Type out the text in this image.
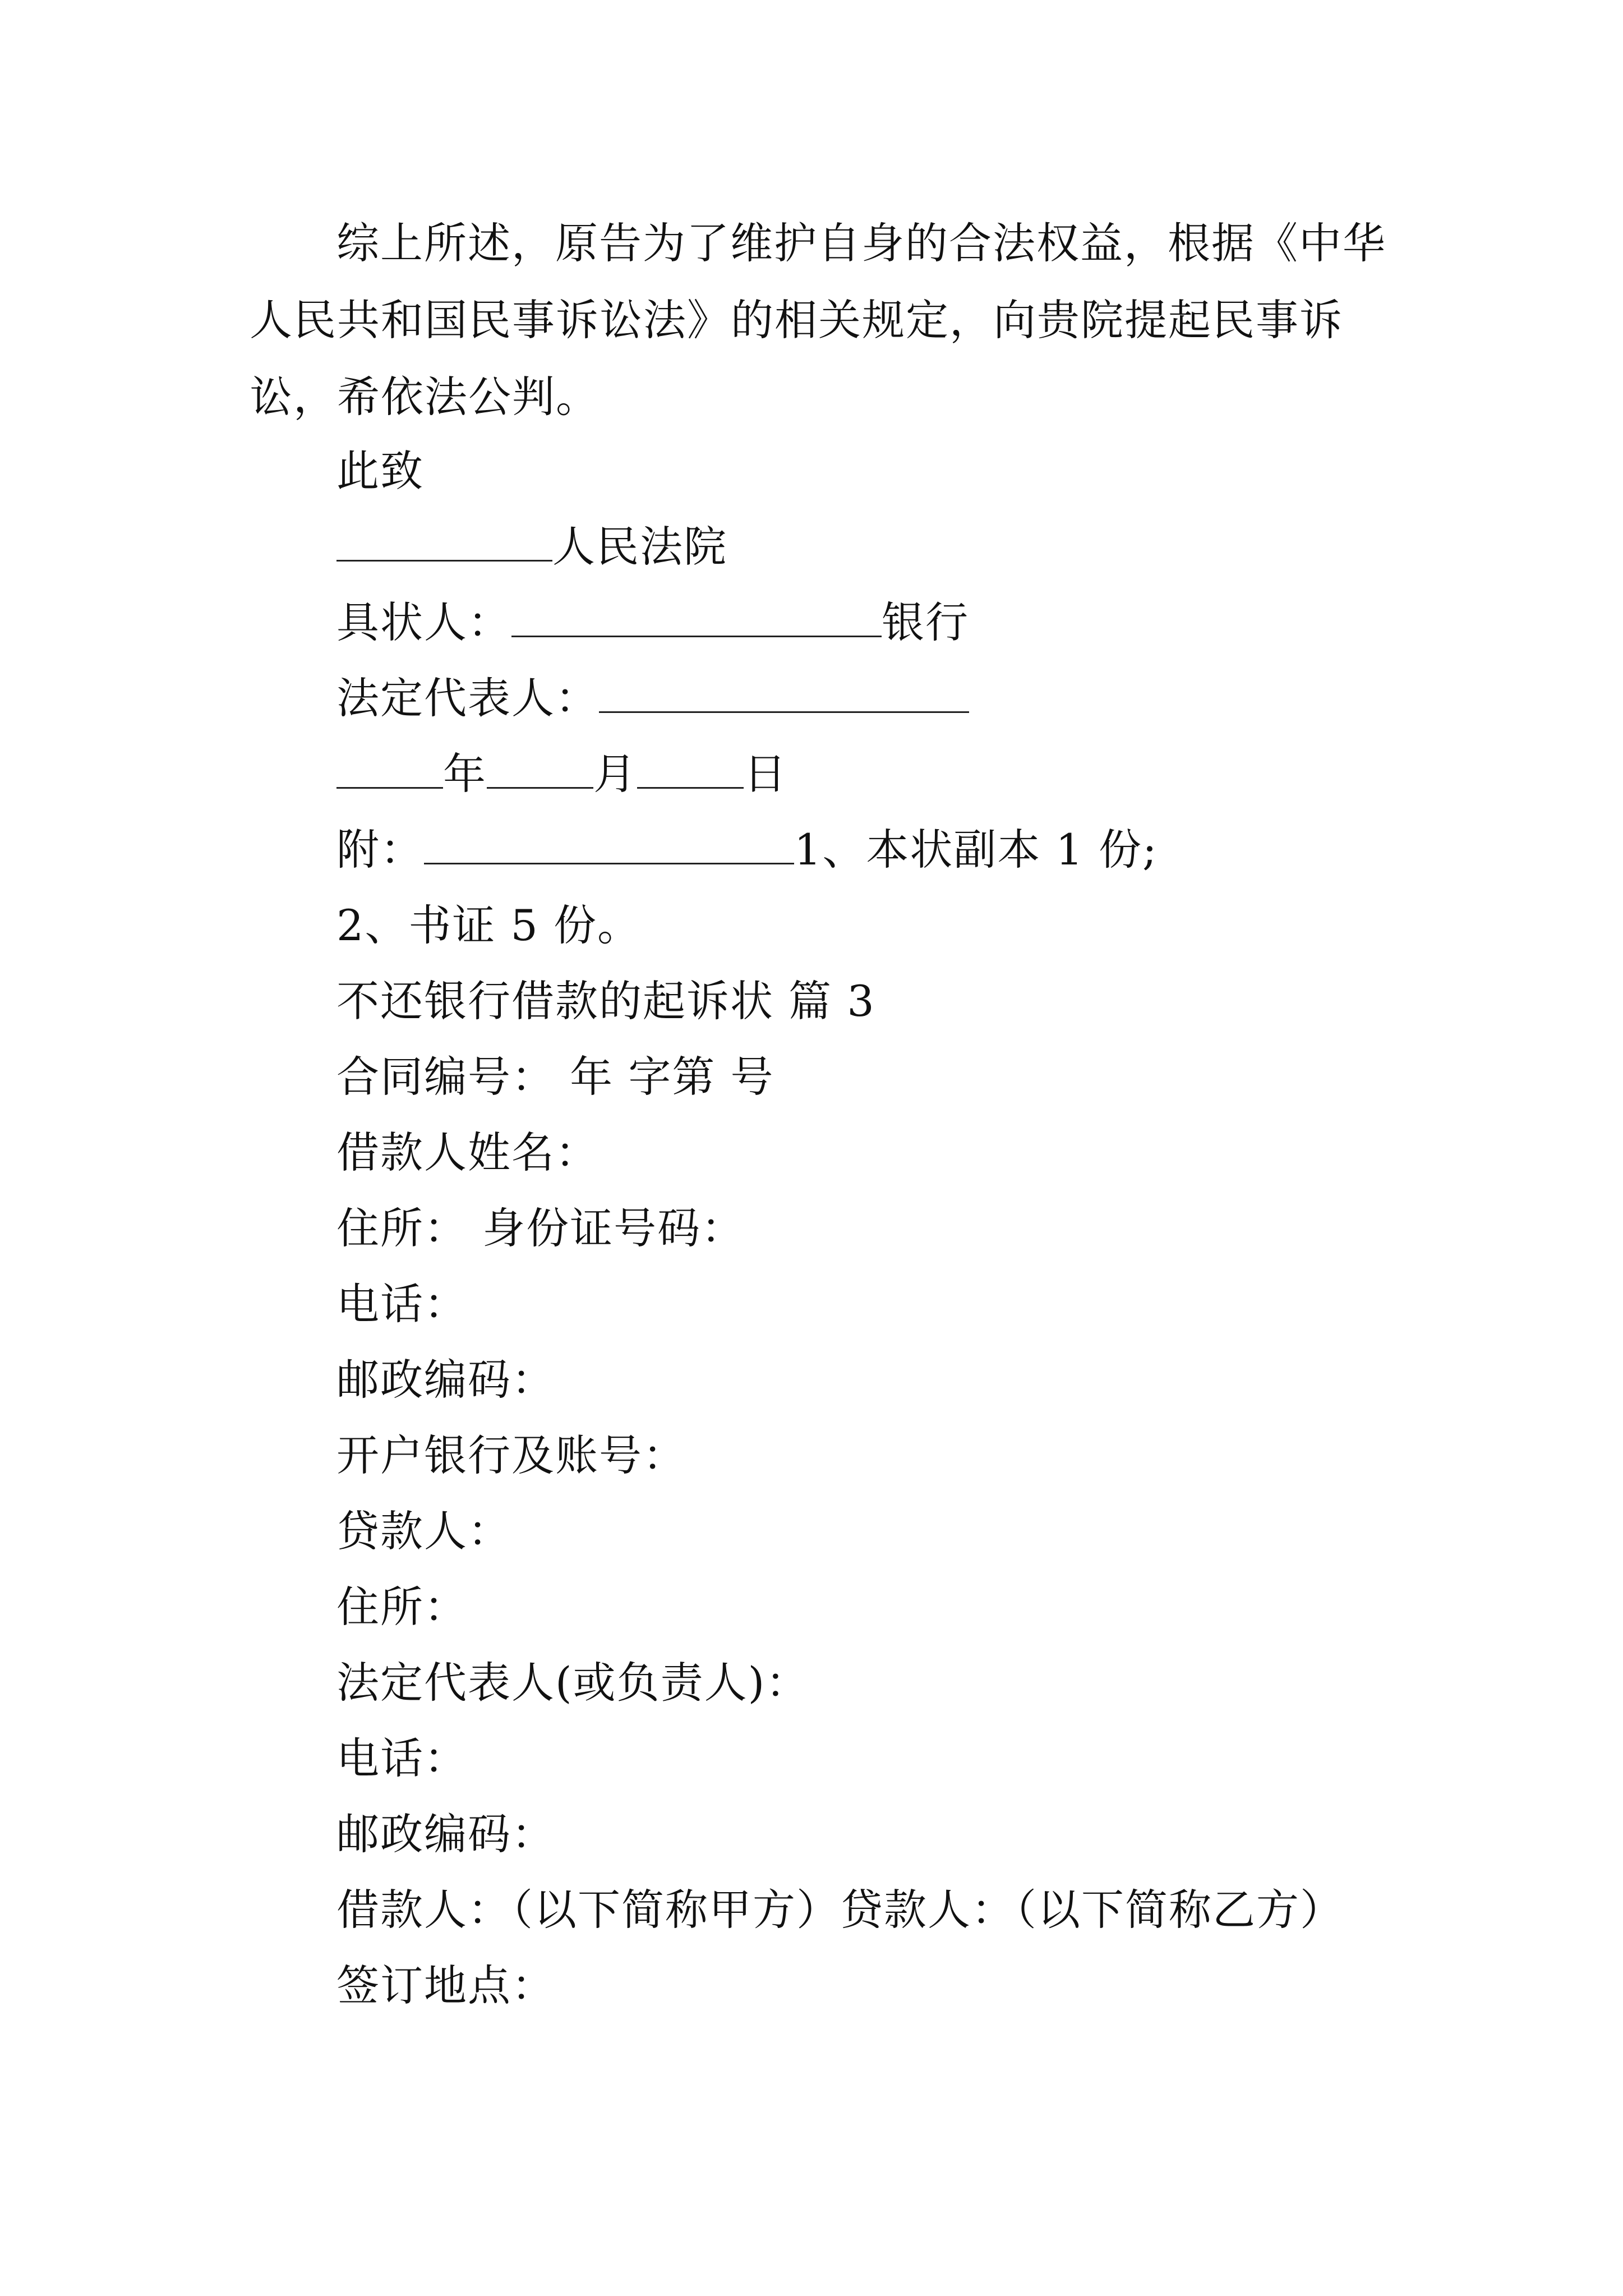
综上所述，原告为了维护自身的合法权益，根据《中华人民共和国民事诉讼法》的相关规定，向贵院提起民事诉讼，希依法公判。
此致
人民法院
具状人：	银行
法定代表人：
年	月	日
附：	1、本状副本 1 份;
2、书证 5 份。
不还银行借款的起诉状 篇 3
合同编号： 年 字第 号
借款人姓名：
住所： 身份证号码：
电话：
邮政编码：
开户银行及账号：
贷款人：
住所：
法定代表人(或负责人)：
电话：
邮政编码：
借款人：（以下简称甲方）贷款人：（以下简称乙方）
签订地点：
